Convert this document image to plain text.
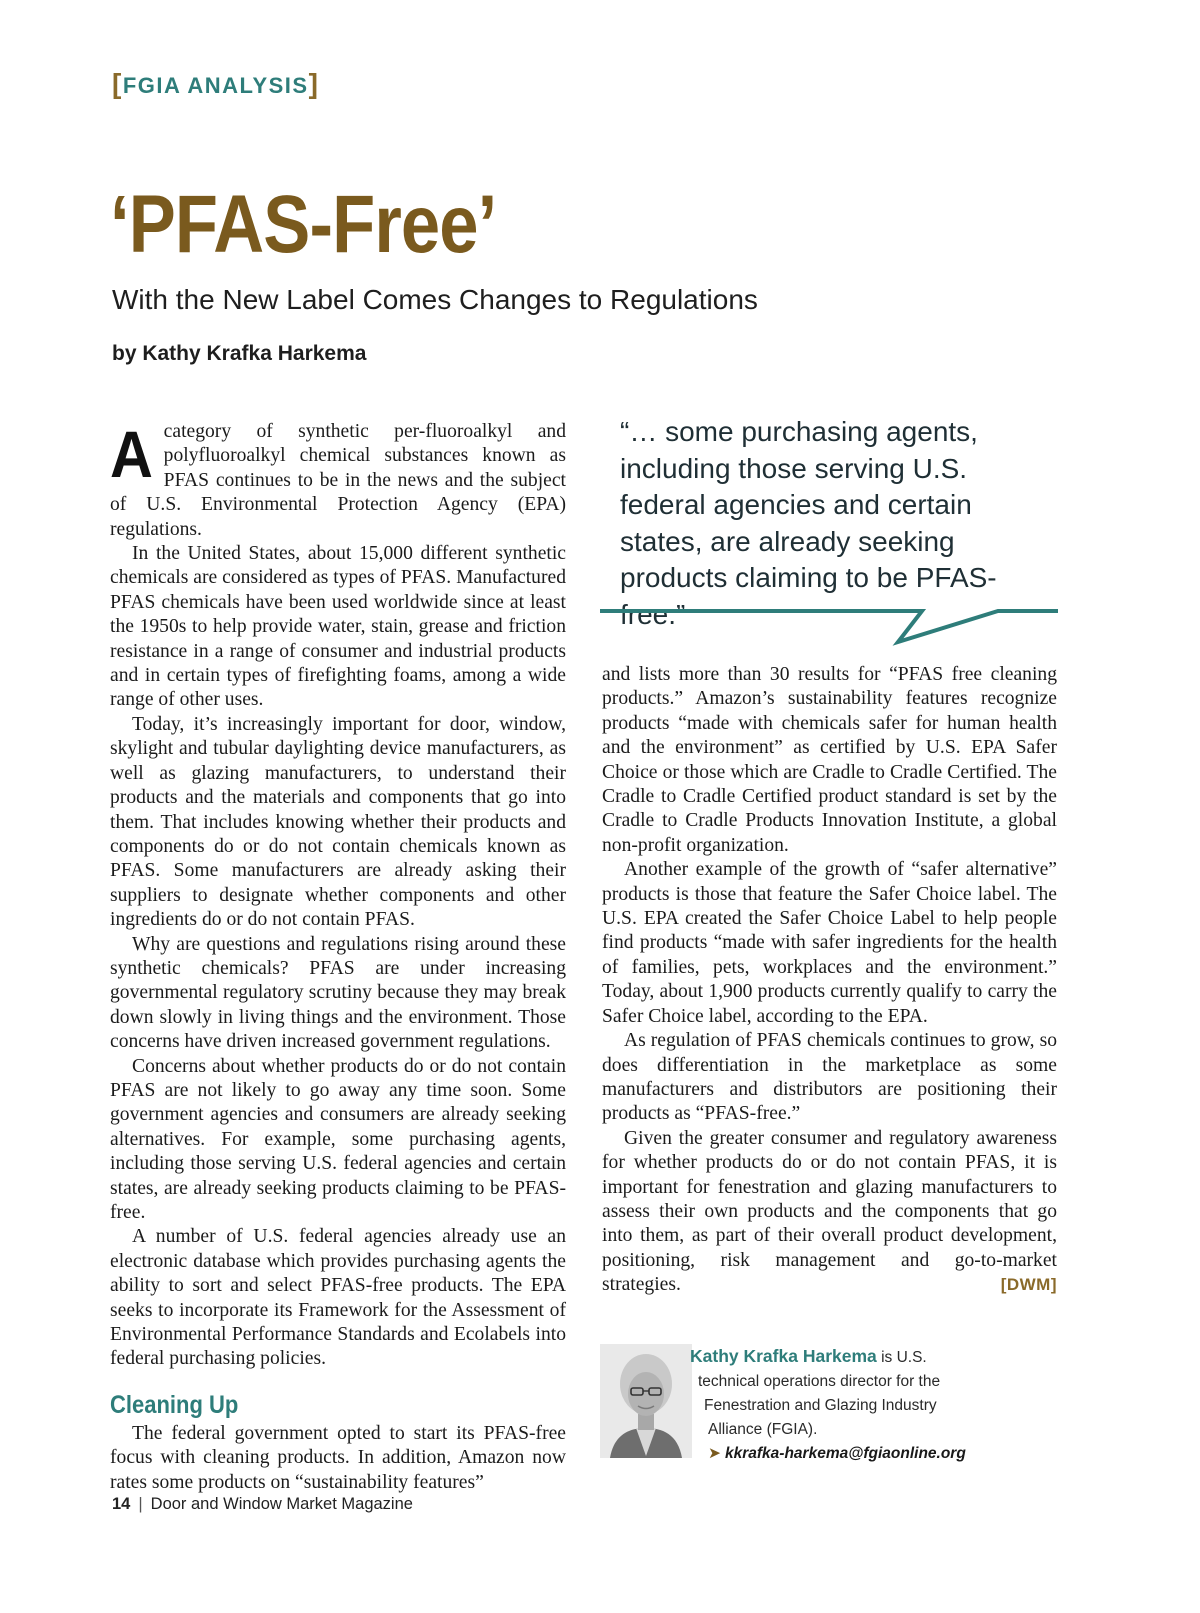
[FGIA ANALYSIS]
‘PFAS-Free’
With the New Label Comes Changes to Regulations
by Kathy Krafka Harkema

Acategory of synthetic per-fluoroalkyl and polyfluoroalkyl chemical substances known as PFAS continues to be in the news and the subject of U.S. Environmental Protection Agency (EPA) regulations.

In the United States, about 15,000 different synthetic chemicals are considered as types of PFAS. Manufactured PFAS chemicals have been used worldwide since at least the 1950s to help provide water, stain, grease and friction resistance in a range of consumer and industrial products and in certain types of firefighting foams, among a wide range of other uses.

Today, it’s increasingly important for door, window, skylight and tubular daylighting device manufacturers, as well as glazing manufacturers, to understand their products and the materials and components that go into them. That includes knowing whether their products and components do or do not contain chemicals known as PFAS. Some manufacturers are already asking their suppliers to designate whether components and other ingredients do or do not contain PFAS.

Why are questions and regulations rising around these synthetic chemicals? PFAS are under increasing governmental regulatory scrutiny because they may break down slowly in living things and the environment. Those concerns have driven increased government regulations.

Concerns about whether products do or do not contain PFAS are not likely to go away any time soon. Some government agencies and consumers are already seeking alternatives. For example, some purchasing agents, including those serving U.S. federal agencies and certain states, are already seeking products claiming to be PFAS-free.

A number of U.S. federal agencies already use an electronic database which provides purchasing agents the ability to sort and select PFAS-free products. The EPA seeks to incorporate its Framework for the Assessment of Environmental Performance Standards and Ecolabels into federal purchasing policies.

Cleaning Up

The federal government opted to start its PFAS-free focus with cleaning products. In addition, Amazon now rates some products on “sustainability features”

“… some purchasing agents, including those serving U.S. federal agencies and certain states, are already seeking products claiming to be PFAS-free.”

and lists more than 30 results for “PFAS free cleaning products.” Amazon’s sustainability features recognize products “made with chemicals safer for human health and the environment” as certified by U.S. EPA Safer Choice or those which are Cradle to Cradle Certified. The Cradle to Cradle Certified product standard is set by the Cradle to Cradle Products Innovation Institute, a global non-profit organization.

Another example of the growth of “safer alternative” products is those that feature the Safer Choice label. The U.S. EPA created the Safer Choice Label to help people find products “made with safer ingredients for the health of families, pets, workplaces and the environment.” Today, about 1,900 products currently qualify to carry the Safer Choice label, according to the EPA.

As regulation of PFAS chemicals continues to grow, so does differentiation in the marketplace as some manufacturers and distributors are positioning their products as “PFAS-free.”

Given the greater consumer and regulatory awareness for whether products do or do not contain PFAS, it is important for fenestration and glazing manufacturers to assess their own products and the components that go into them, as part of their overall product development, positioning, risk management and go-to-market strategies.	[DWM]

Kathy Krafka Harkema is U.S.
technical operations director for the
Fenestration and Glazing Industry
Alliance (FGIA).
➤ kkrafka-harkema@fgiaonline.org
14 | Door and Window Market Magazine
